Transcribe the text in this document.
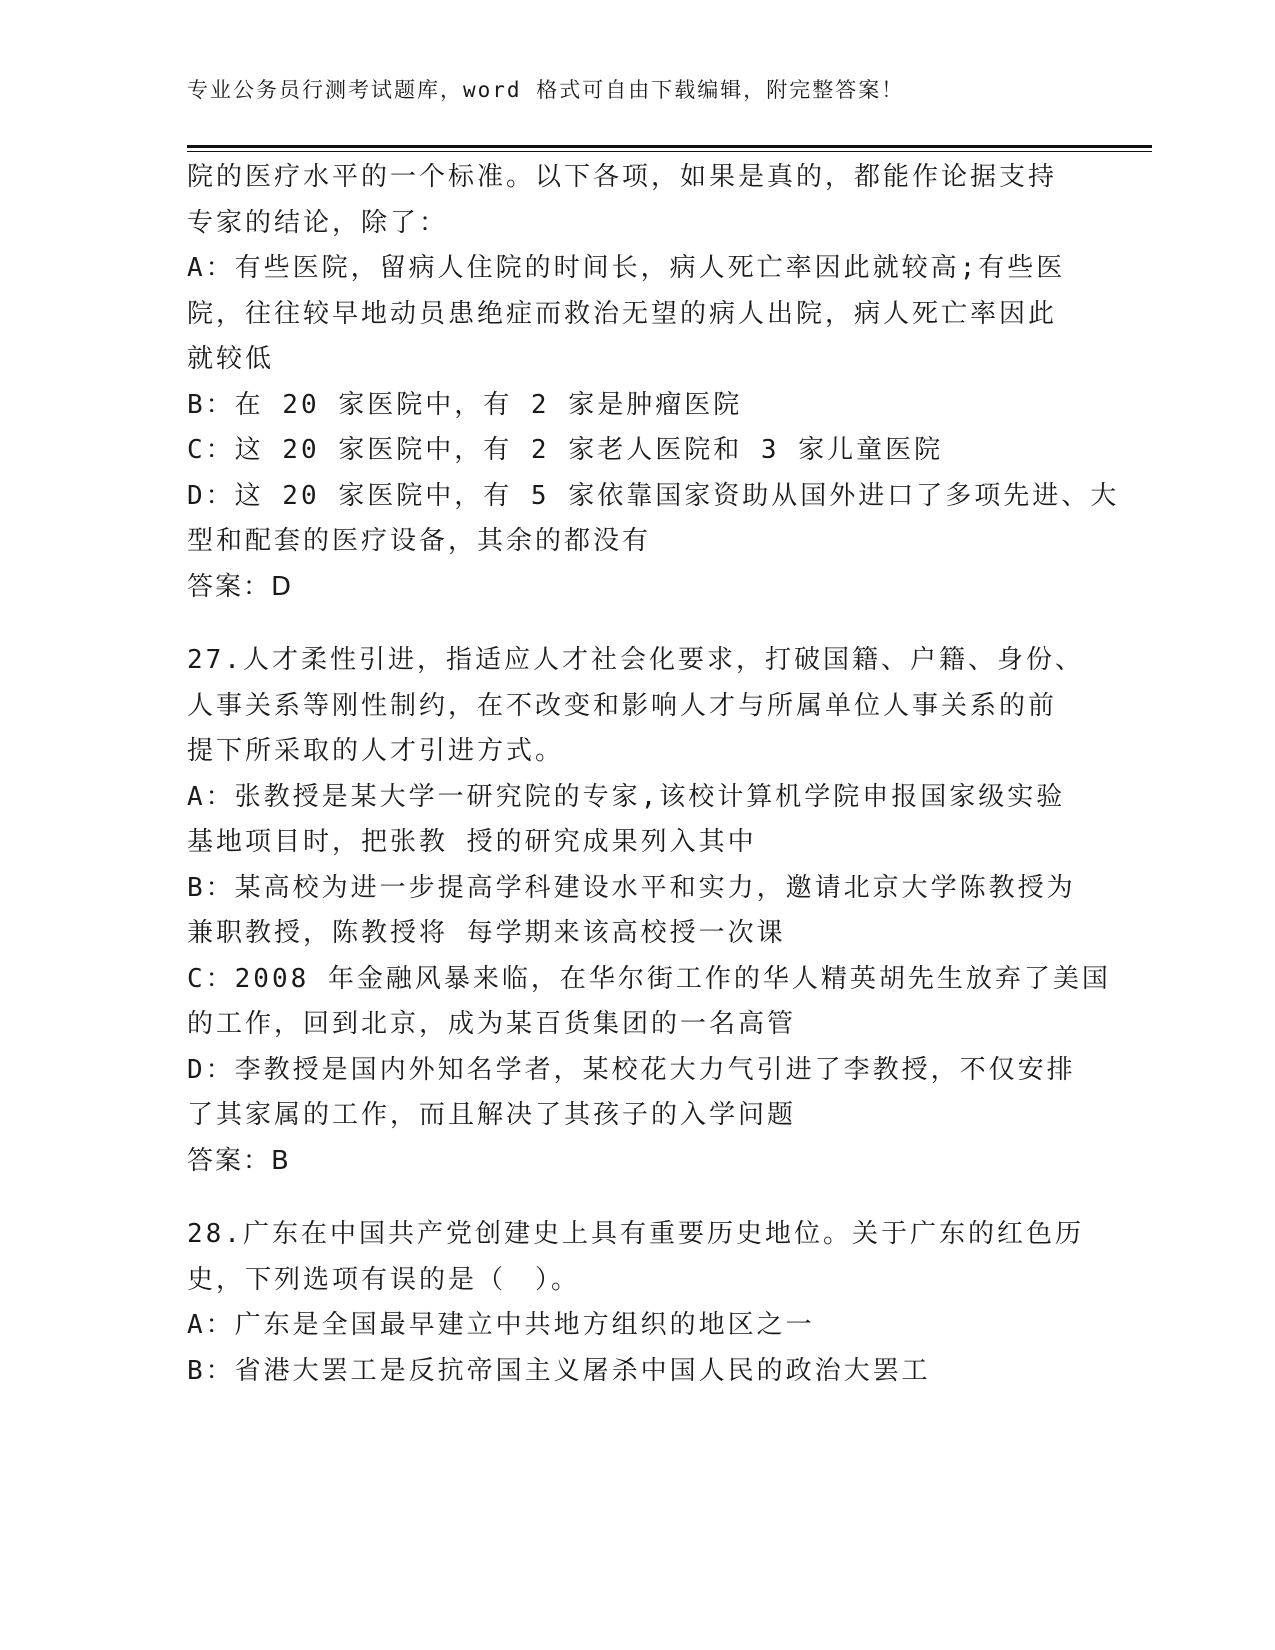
专业公务员行测考试题库，word 格式可自由下载编辑，附完整答案！
院的医疗水平的一个标准。以下各项，如果是真的，都能作论据支持
专家的结论，除了：
A：有些医院，留病人住院的时间长，病人死亡率因此就较高;有些医
院，往往较早地动员患绝症而救治无望的病人出院，病人死亡率因此
就较低
B：在 20 家医院中，有 2 家是肿瘤医院
C：这 20 家医院中，有 2 家老人医院和 3 家儿童医院
D：这 20 家医院中，有 5 家依靠国家资助从国外进口了多项先进、大
型和配套的医疗设备，其余的都没有
答案：D
27.人才柔性引进，指适应人才社会化要求，打破国籍、户籍、身份、
人事关系等刚性制约，在不改变和影响人才与所属单位人事关系的前
提下所采取的人才引进方式。
A：张教授是某大学一研究院的专家,该校计算机学院申报国家级实验
基地项目时，把张教 授的研究成果列入其中
B：某高校为进一步提高学科建设水平和实力，邀请北京大学陈教授为
兼职教授，陈教授将 每学期来该高校授一次课
C：2008 年金融风暴来临，在华尔街工作的华人精英胡先生放弃了美国
的工作，回到北京，成为某百货集团的一名高管
D：李教授是国内外知名学者，某校花大力气引进了李教授，不仅安排
了其家属的工作，而且解决了其孩子的入学问题
答案：B
28.广东在中国共产党创建史上具有重要历史地位。关于广东的红色历
史，下列选项有误的是（　）。
A：广东是全国最早建立中共地方组织的地区之一
B：省港大罢工是反抗帝国主义屠杀中国人民的政治大罢工
